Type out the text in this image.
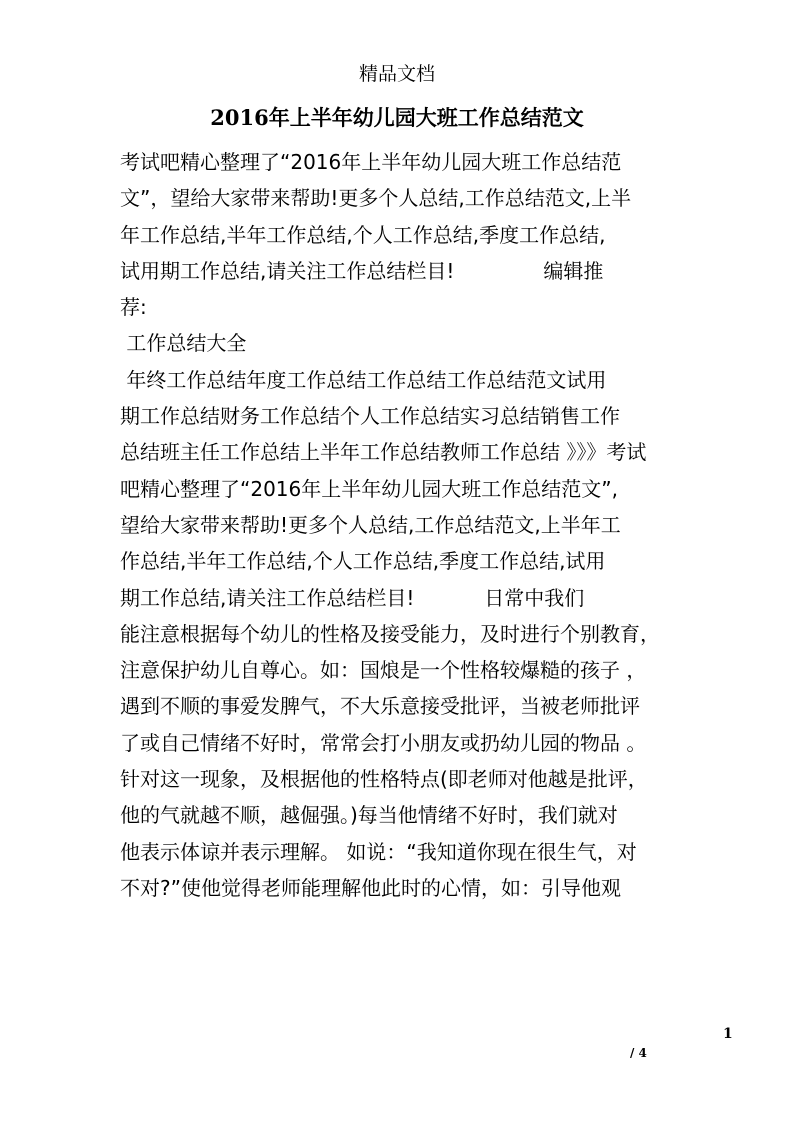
精品文档
2016年上半年幼儿园大班工作总结范文
考试吧精心整理了“2016年上半年幼儿园大班工作总结范
文”，望给大家带来帮助!更多个人总结,工作总结范文,上半
年工作总结,半年工作总结,个人工作总结,季度工作总结,
试用期工作总结,请关注工作总结栏目!              编辑推
荐:
工作总结大全
年终工作总结年度工作总结工作总结工作总结范文试用
期工作总结财务工作总结个人工作总结实习总结销售工作
总结班主任工作总结上半年工作总结教师工作总结 》》》考试
吧精心整理了“2016年上半年幼儿园大班工作总结范文”,
望给大家带来帮助!更多个人总结,工作总结范文,上半年工
作总结,半年工作总结,个人工作总结,季度工作总结,试用
期工作总结,请关注工作总结栏目!           日常中我们
能注意根据每个幼儿的性格及接受能力，及时进行个别教育，
注意保护幼儿自尊心。如：国烺是一个性格较爆糙的孩子 ，
遇到不顺的事爱发脾气，不大乐意接受批评，当被老师批评
了或自己情绪不好时，常常会打小朋友或扔幼儿园的物品 。
针对这一现象，及根据他的性格特点(即老师对他越是批评，
他的气就越不顺，越倔强。)每当他情绪不好时，我们就对
他表示体谅并表示理解。 如说：“我知道你现在很生气，对
不对?”使他觉得老师能理解他此时的心情，如：引导他观
1
/ 4
